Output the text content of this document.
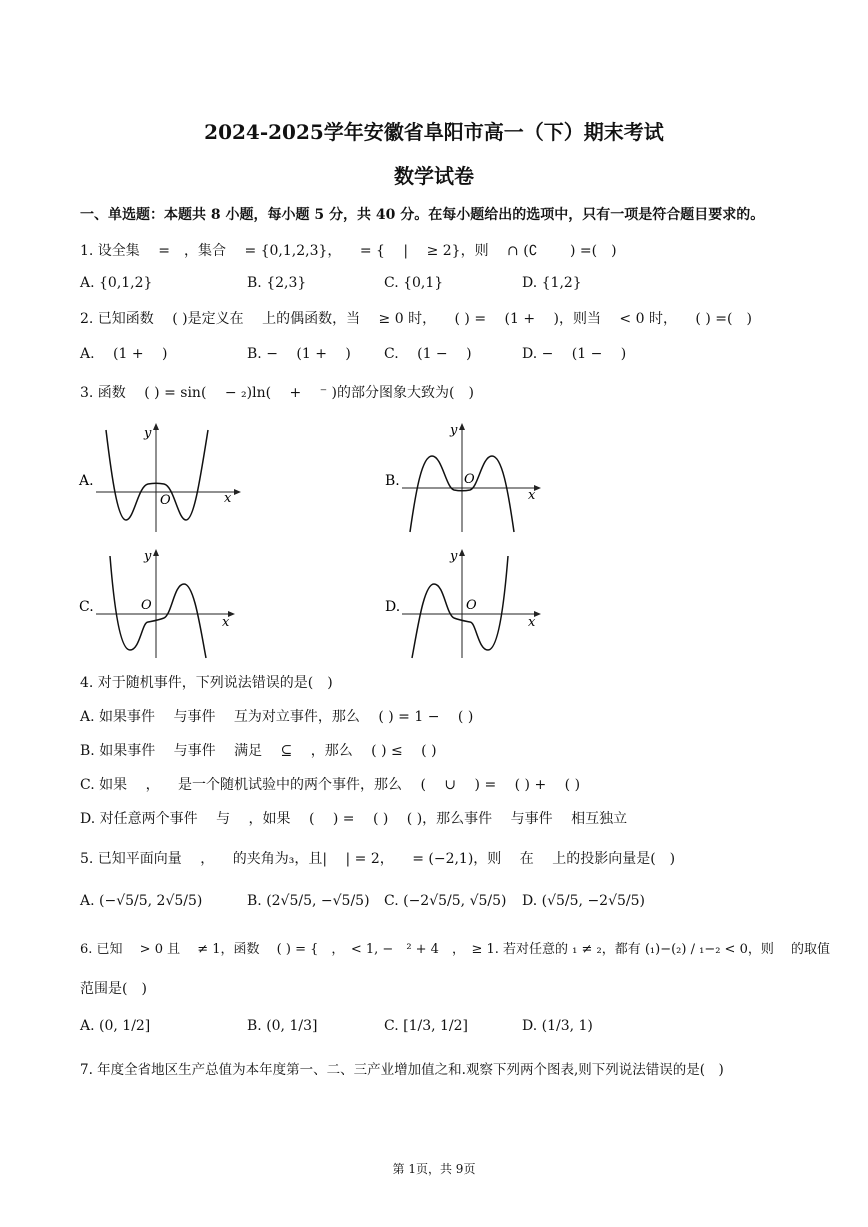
2024-2025学年安徽省阜阳市高一（下）期末考试
数学试卷
一、单选题：本题共 8 小题，每小题 5 分，共 40 分。在每小题给出的选项中，只有一项是符合题目要求的。
1. 设全集 　=　，集合 　= {0,1,2,3}， 　= { 　|　 ≥ 2}，则 　∩ (∁　 　) =(　)
A. {0,1,2}	B. {2,3}	C. {0,1}	D. {1,2}
2. 已知函数 　( )是定义在 　上的偶函数，当 　≥ 0 时， 　( ) = 　(1 + 　)，则当 　< 0 时， 　( ) =(　)
A. 　(1 + 　)	B. − 　(1 + 　) C. 　(1 − 　)	D. − 　(1 − 　)
3. 函数 　( ) = sin( 　− ₂)ln( 　+ 　⁻ )的部分图象大致为(　)
A.
y
x
O
B.
y
x
O
C.
y
x
O	D.
y
x
O
4. 对于随机事件，下列说法错误的是(　)
A. 如果事件 　与事件 　互为对立事件，那么 　( ) = 1 − 　( )
B. 如果事件 　与事件 　满足 　⊆ 　，那么 　( ) ≤ 　( )
C. 如果 　， 　是一个随机试验中的两个事件，那么 　( 　∪ 　) = 　( ) + 　( )
D. 对任意两个事件 　与 　，如果 　( 　) = 　( ) 　( )，那么事件 　与事件 　相互独立
5. 已知平面向量 　， 　的夹角为₃，且| 　| = 2， 　= (−2,1)，则 　在 　上的投影向量是(　)
A. (−√5/5, 2√5/5)	B. (2√5/5, −√5/5) C. (−2√5/5, √5/5) D. (√5/5, −2√5/5)
6. 已知 　> 0 且 　≠ 1，函数 　( ) = {　，　< 1, −　² + 4　，　≥ 1. 若对任意的 ₁ ≠ ₂，都有 (₁)−(₂) / ₁−₂ < 0，则 　的取值
范围是(　)
A. (0, 1/2]	B. (0, 1/3]	C. [1/3, 1/2]	D. (1/3, 1)
7. 年度全省地区生产总值为本年度第一、二、三产业增加值之和.观察下列两个图表,则下列说法错误的是(　)
第 1页，共 9页
